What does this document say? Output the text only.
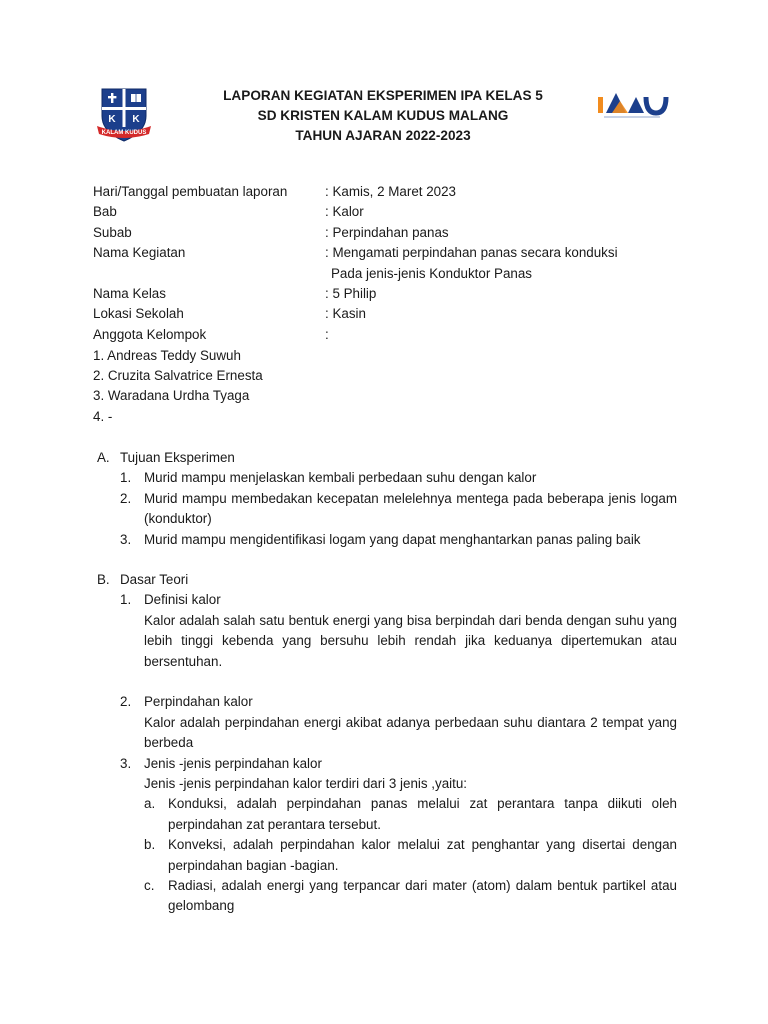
K K
KALAM KUDUS
LAPORAN KEGIATAN EKSPERIMEN IPA KELAS 5
SD KRISTEN KALAM KUDUS MALANG
TAHUN AJARAN 2022-2023
Hari/Tanggal pembuatan laporan	: Kamis, 2 Maret 2023
Bab	: Kalor
Subab	: Perpindahan panas
Nama Kegiatan	: Mengamati perpindahan panas secara konduksi
Pada jenis-jenis Konduktor Panas
Nama Kelas	: 5 Philip
Lokasi Sekolah	: Kasin
Anggota Kelompok	:
1. Andreas Teddy Suwuh
2. Cruzita Salvatrice Ernesta
3. Waradana Urdha Tyaga
4. -
A. Tujuan Eksperimen
1. Murid mampu menjelaskan kembali perbedaan suhu dengan kalor
2. Murid mampu membedakan kecepatan melelehnya mentega pada beberapa jenis logam (konduktor)
3. Murid mampu mengidentifikasi logam yang dapat menghantarkan panas paling baik
B. Dasar Teori
1. Definisi kalor
Kalor adalah salah satu bentuk energi yang bisa berpindah dari benda dengan suhu yang lebih tinggi kebenda yang bersuhu lebih rendah jika keduanya dipertemukan atau bersentuhan.
2. Perpindahan kalor
Kalor adalah perpindahan energi akibat adanya perbedaan suhu diantara 2 tempat yang berbeda
3. Jenis -jenis perpindahan kalor
Jenis -jenis perpindahan kalor terdiri dari 3 jenis ,yaitu:
a. Konduksi, adalah perpindahan panas melalui zat perantara tanpa diikuti oleh perpindahan zat perantara tersebut.
b. Konveksi, adalah perpindahan kalor melalui zat penghantar yang disertai dengan perpindahan bagian -bagian.
c.	Radiasi, adalah energi yang terpancar dari mater (atom) dalam bentuk partikel atau gelombang
